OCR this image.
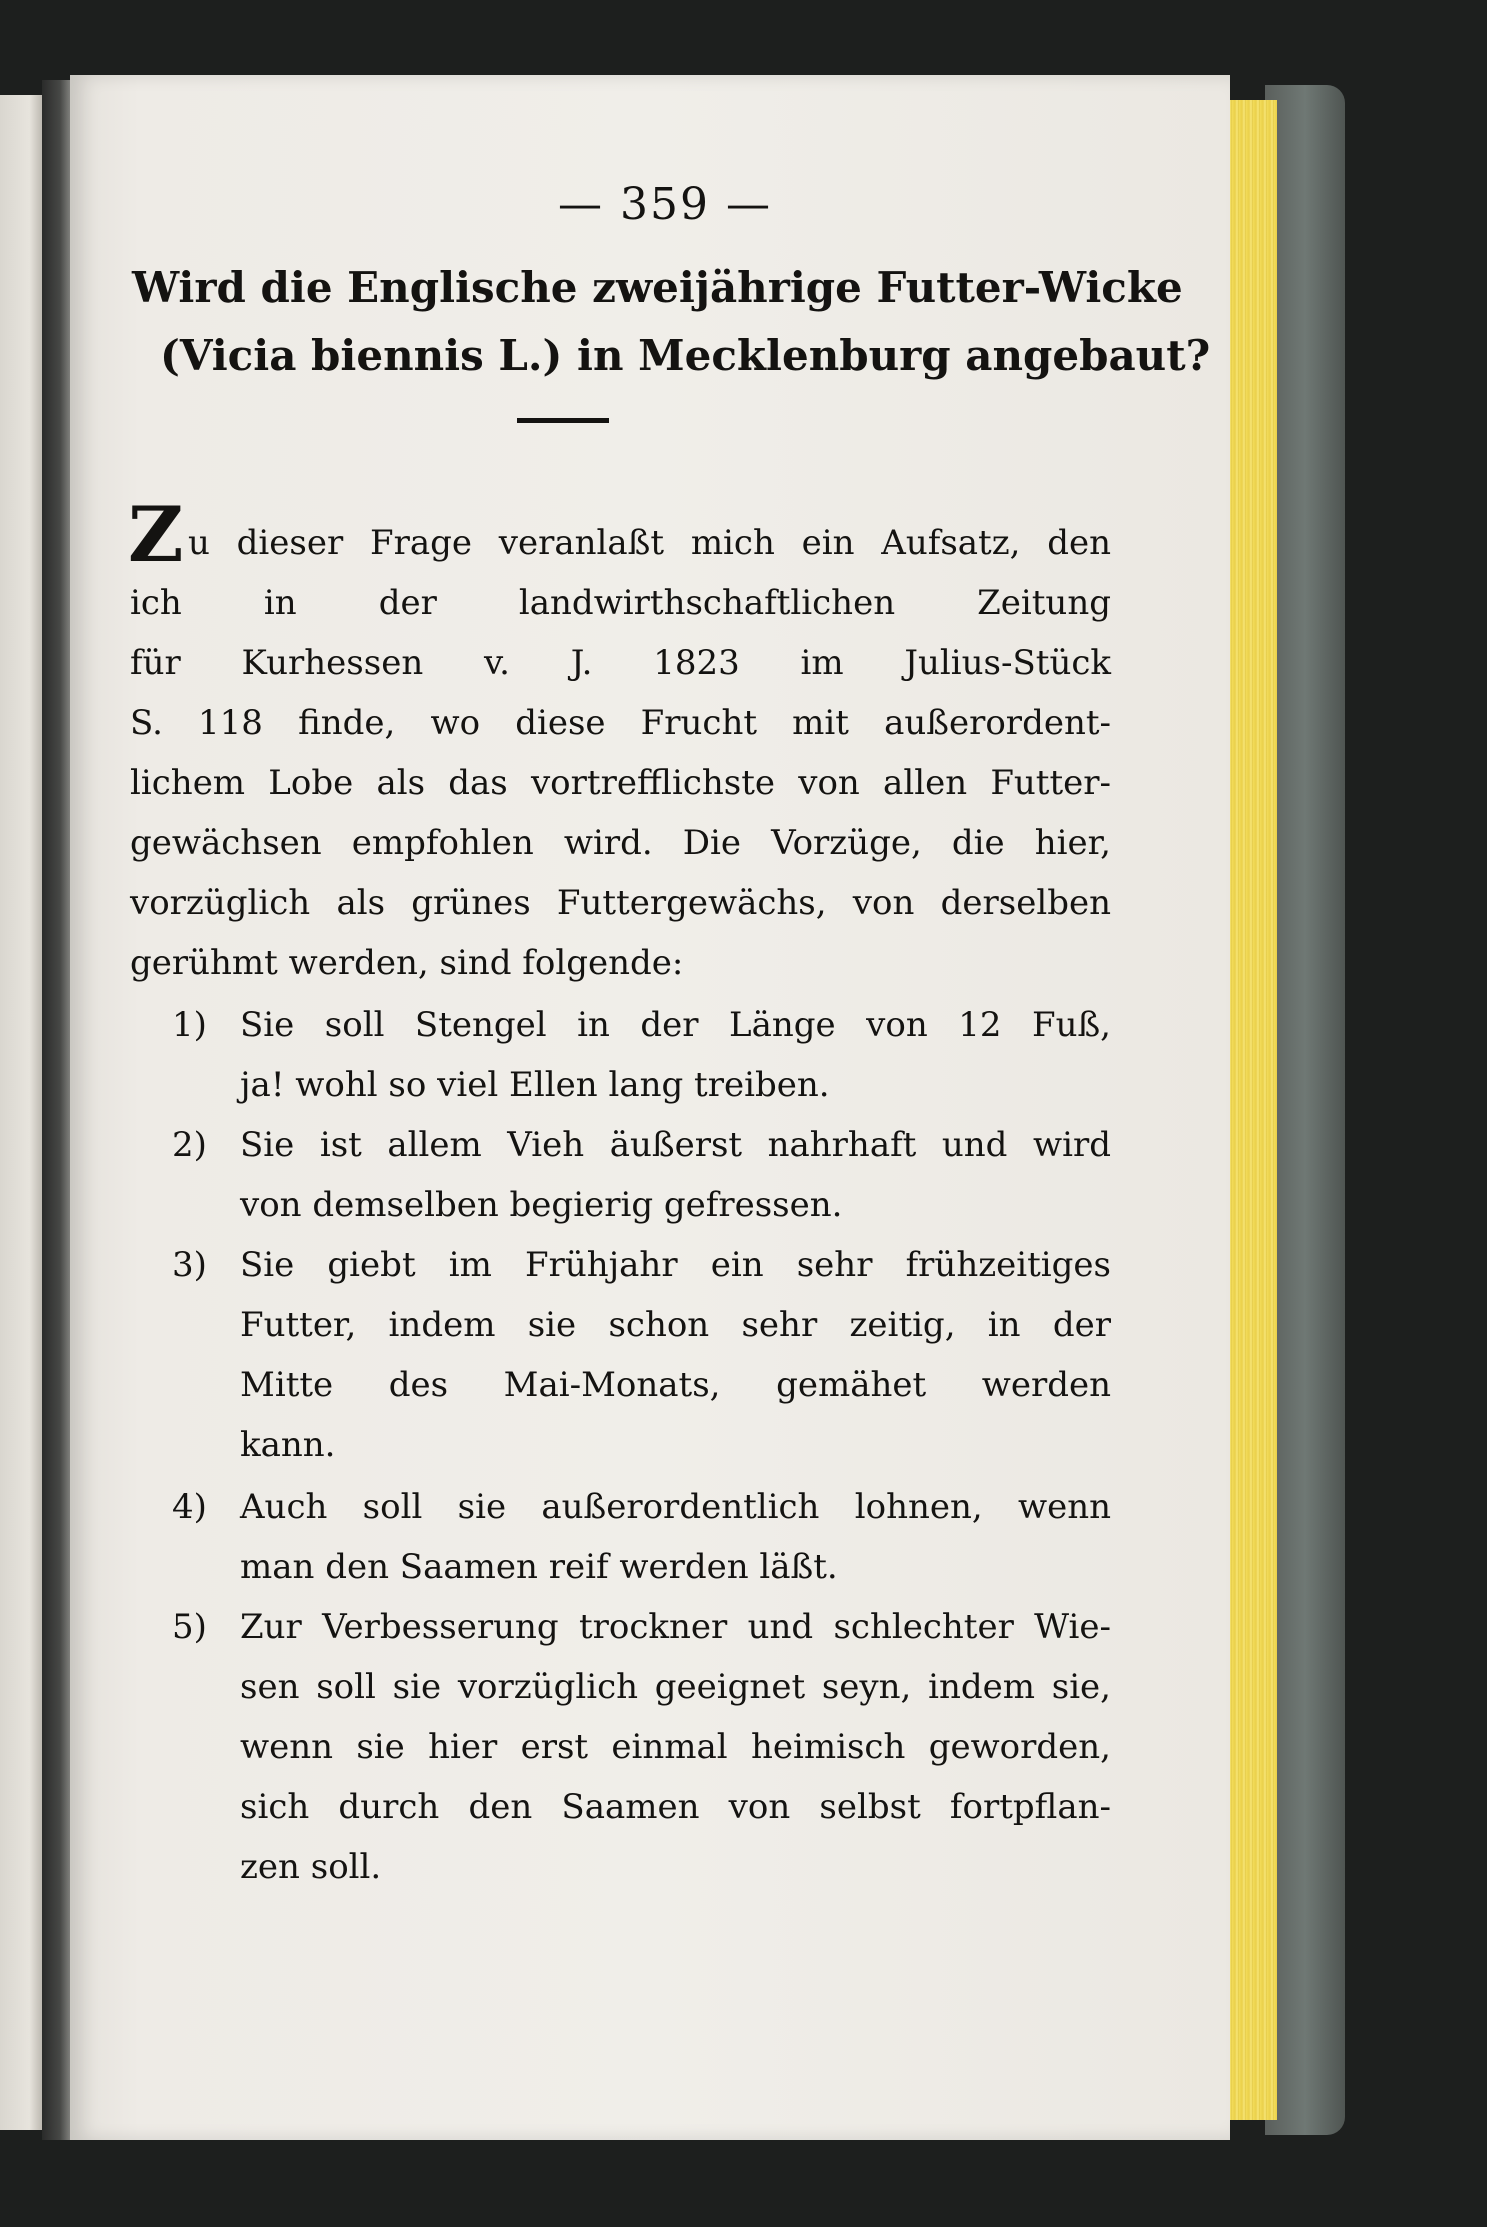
— 359 —
Wird die Englische zweijährige Futter-Wicke
(Vicia biennis L.) in Mecklenburg angebaut?
Z u dieser Frage veranlaßt mich ein Aufsatz, den
ich in der landwirthschaftlichen Zeitung
für Kurhessen v. J. 1823 im Julius-Stück
S. 118 finde, wo diese Frucht mit außerordent-
lichem Lobe als das vortrefflichste von allen Futter-
gewächsen empfohlen wird. Die Vorzüge, die hier,
vorzüglich als grünes Futtergewächs, von derselben
gerühmt werden, sind folgende:
1) Sie soll Stengel in der Länge von 12 Fuß,
ja! wohl so viel Ellen lang treiben.
2) Sie ist allem Vieh äußerst nahrhaft und wird
von demselben begierig gefressen.
3) Sie giebt im Frühjahr ein sehr frühzeitiges
Futter, indem sie schon sehr zeitig, in der
Mitte des Mai-Monats, gemähet werden
kann.
4) Auch soll sie außerordentlich lohnen, wenn
man den Saamen reif werden läßt.
5) Zur Verbesserung trockner und schlechter Wie-
sen soll sie vorzüglich geeignet seyn, indem sie,
wenn sie hier erst einmal heimisch geworden,
sich durch den Saamen von selbst fortpflan-
zen soll.
